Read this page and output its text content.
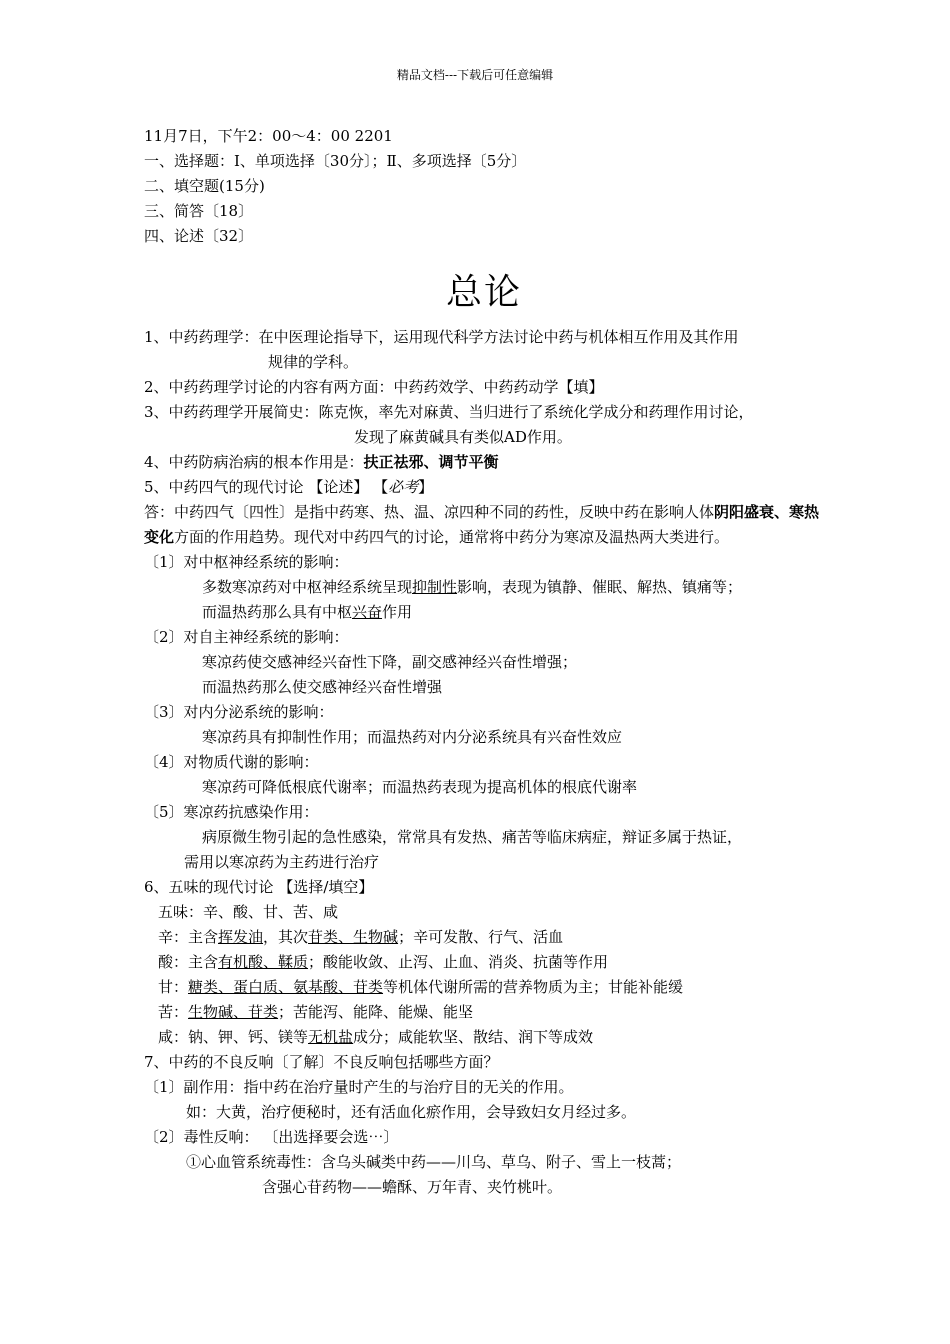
精品文档---下载后可任意编辑
11月7日，下午2：00～4：00 2201
一、选择题：Ⅰ、单项选择〔30分〕；Ⅱ、多项选择〔5分〕
二、填空题(15分)
三、简答〔18〕
四、论述〔32〕
总论
1、中药药理学：在中医理论指导下，运用现代科学方法讨论中药与机体相互作用及其作用
规律的学科。
2、中药药理学讨论的内容有两方面：中药药效学、中药药动学【填】
3、中药药理学开展简史：陈克恢，率先对麻黄、当归进行了系统化学成分和药理作用讨论，
发现了麻黄碱具有类似AD作用。
4、中药防病治病的根本作用是：扶正祛邪、调节平衡
5、中药四气的现代讨论 【论述】 【必考】
答：中药四气〔四性〕是指中药寒、热、温、凉四种不同的药性，反映中药在影响人体阴阳盛衰、寒热变化方面的作用趋势。现代对中药四气的讨论，通常将中药分为寒凉及温热两大类进行。
〔1〕对中枢神经系统的影响：
多数寒凉药对中枢神经系统呈现抑制性影响，表现为镇静、催眠、解热、镇痛等；
而温热药那么具有中枢兴奋作用
〔2〕对自主神经系统的影响：
寒凉药使交感神经兴奋性下降，副交感神经兴奋性增强；
而温热药那么使交感神经兴奋性增强
〔3〕对内分泌系统的影响：
寒凉药具有抑制性作用；而温热药对内分泌系统具有兴奋性效应
〔4〕对物质代谢的影响：
寒凉药可降低根底代谢率；而温热药表现为提高机体的根底代谢率
〔5〕寒凉药抗感染作用：
病原微生物引起的急性感染，常常具有发热、痛苦等临床病症，辩证多属于热证，
需用以寒凉药为主药进行治疗
6、五味的现代讨论 【选择/填空】
五味：辛、酸、甘、苦、咸
辛：主含挥发油，其次苷类、生物碱；辛可发散、行气、活血
酸：主含有机酸、鞣质；酸能收敛、止泻、止血、消炎、抗菌等作用
甘：糖类、蛋白质、氨基酸、苷类等机体代谢所需的营养物质为主；甘能补能缓
苦：生物碱、苷类；苦能泻、能降、能燥、能坚
咸：钠、钾、钙、镁等无机盐成分；咸能软坚、散结、润下等成效
7、中药的不良反响〔了解〕不良反响包括哪些方面？
〔1〕副作用：指中药在治疗量时产生的与治疗目的无关的作用。
如：大黄，治疗便秘时，还有活血化瘀作用，会导致妇女月经过多。
〔2〕毒性反响： 〔出选择要会选⋯〕
①心血管系统毒性：含乌头碱类中药——川乌、草乌、附子、雪上一枝蒿；
含强心苷药物——蟾酥、万年青、夹竹桃叶。
